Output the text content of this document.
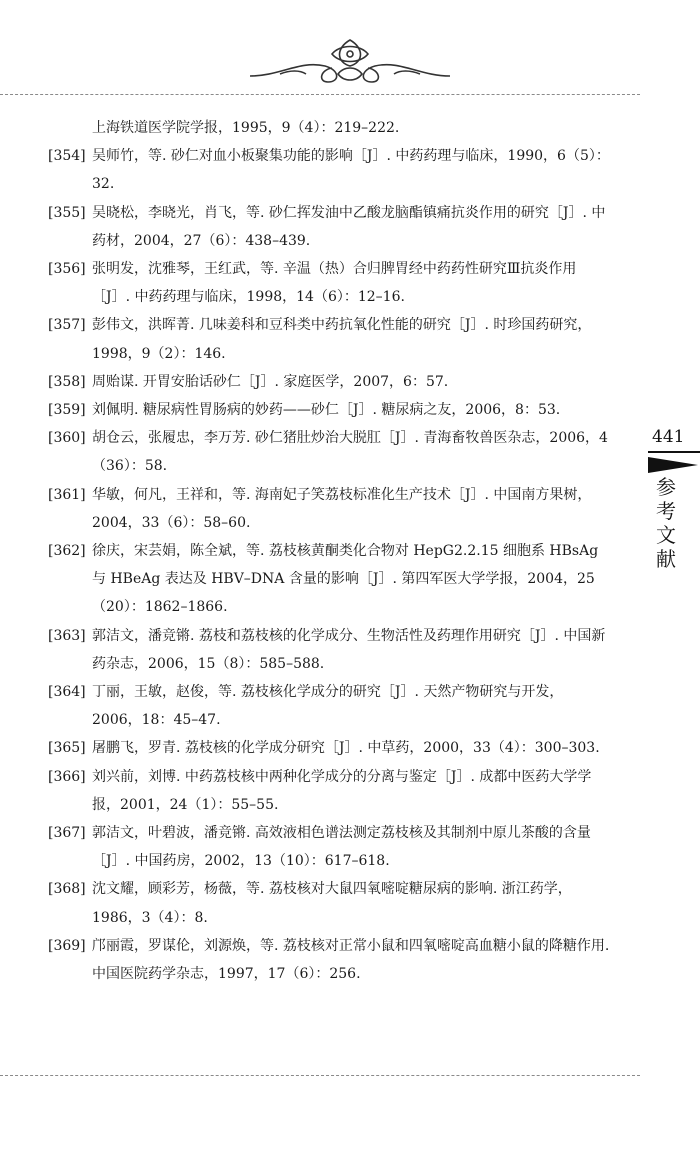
上海铁道医学院学报，1995，9（4）：219–222.
[354] 吴师竹，等. 砂仁对血小板聚集功能的影响［J］. 中药药理与临床，1990，6（5）：32.
[355] 吴晓松，李晓光，肖飞，等. 砂仁挥发油中乙酸龙脑酯镇痛抗炎作用的研究［J］. 中药材，2004，27（6）：438–439.
[356] 张明发，沈雅琴，王红武，等. 辛温（热）合归脾胃经中药药性研究Ⅲ抗炎作用［J］. 中药药理与临床，1998，14（6）：12–16.
[357] 彭伟文，洪晖菁. 几味姜科和豆科类中药抗氧化性能的研究［J］. 时珍国药研究，1998，9（2）：146.
[358] 周贻谋. 开胃安胎话砂仁［J］. 家庭医学，2007，6：57.
[359] 刘佩明. 糖尿病性胃肠病的妙药——砂仁［J］. 糖尿病之友，2006，8：53.
[360] 胡仓云，张履忠，李万芳. 砂仁猪肚炒治大脱肛［J］. 青海畜牧兽医杂志，2006，4（36）：58.
[361] 华敏，何凡，王祥和，等. 海南妃子笑荔枝标准化生产技术［J］. 中国南方果树，2004，33（6）：58–60.
[362] 徐庆，宋芸娟，陈全斌，等. 荔枝核黄酮类化合物对 HepG2.2.15 细胞系 HBsAg 与 HBeAg 表达及 HBV–DNA 含量的影响［J］. 第四军医大学学报，2004，25（20）：1862–1866.
[363] 郭洁文，潘竞锵. 荔枝和荔枝核的化学成分、生物活性及药理作用研究［J］. 中国新药杂志，2006，15（8）：585–588.
[364] 丁丽，王敏，赵俊，等. 荔枝核化学成分的研究［J］. 天然产物研究与开发，2006，18：45–47.
[365] 屠鹏飞，罗青. 荔枝核的化学成分研究［J］. 中草药，2000，33（4）：300–303.
[366] 刘兴前，刘博. 中药荔枝核中两种化学成分的分离与鉴定［J］. 成都中医药大学学报，2001，24（1）：55–55.
[367] 郭洁文，叶碧波，潘竞锵. 高效液相色谱法测定荔枝核及其制剂中原儿茶酸的含量［J］. 中国药房，2002，13（10）：617–618.
[368] 沈文耀，顾彩芳，杨薇，等. 荔枝核对大鼠四氧嘧啶糖尿病的影响. 浙江药学，1986，3（4）：8.
[369] 邝丽霞，罗谋伦，刘源焕，等. 荔枝核对正常小鼠和四氧嘧啶高血糖小鼠的降糖作用. 中国医院药学杂志，1997，17（6）：256.
441
参
考
文
献
